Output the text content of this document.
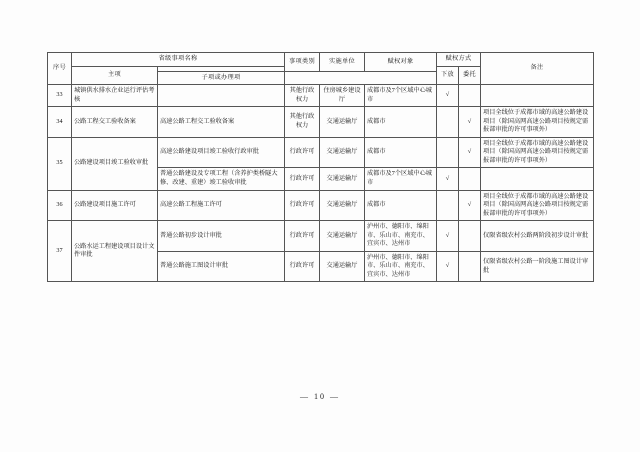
序号	省级事项名称		事项类别	实施单位	赋权对象	赋权方式		备注
	主项					下放	委托	
		子项或办理项						
33	城镇供水排水企业运行评估考核		其他行政权力	住房城乡建设厅	成都市及7个区域中心城市	√		
34	公路工程交工验收备案	高速公路工程交工验收备案	其他行政权力	交通运输厅	成都市		√	项目全线位于成都市域的高速公路建设项目（除国高网高速公路项目按规定需报部审批的许可事项外）
35	公路建设项目竣工验收审批	高速公路建设项目竣工验收行政审批	行政许可	交通运输厅	成都市		√	项目全线位于成都市域的高速公路建设项目（除国高网高速公路项目按规定需报部审批的许可事项外）
		普通公路建设及专项工程（含养护类桥隧大修、改建、重建）竣工验收审批	行政许可	交通运输厅	成都市及7个区域中心城市	√		
36	公路建设项目施工许可	高速公路工程施工许可	行政许可	交通运输厅	成都市		√	项目全线位于成都市域的高速公路建设项目（除国高网高速公路项目按规定需报部审批的许可事项外）
37	公路水运工程建设项目设计文件审批	普通公路初步设计审批	行政许可	交通运输厅	泸州市、德阳市、绵阳市、乐山市、南充市、宜宾市、达州市	√		仅限省级农村公路两阶段初步设计审批
		普通公路施工图设计审批	行政许可	交通运输厅	泸州市、德阳市、绵阳市、乐山市、南充市、宜宾市、达州市	√		仅限省级农村公路一阶段施工图设计审批
— 10 —
